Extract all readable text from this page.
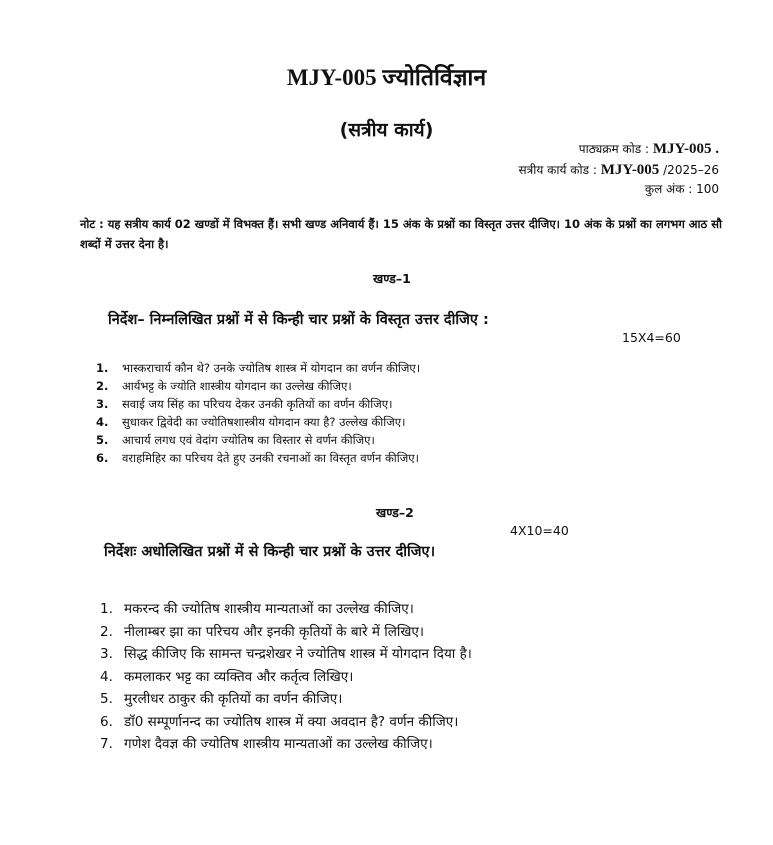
MJY-005 ज्योतिर्विज्ञान
(सत्रीय कार्य)
पाठ्यक्रम कोड : MJY-005 .
सत्रीय कार्य कोड : MJY-005 /2025–26
कुल अंक : 100
नोट : यह सत्रीय कार्य 02 खण्डों में विभक्त हैं। सभी खण्ड अनिवार्य हैं। 15 अंक के प्रश्नों का विस्तृत उत्तर दीजिए। 10 अंक के प्रश्नों का लगभग आठ सौ शब्दों में उत्तर देना है।
खण्ड–1
निर्देश– निम्नलिखित प्रश्नों में से किन्ही चार प्रश्नों के विस्तृत उत्तर दीजिए :
15X4=60
1. भास्कराचार्य कौन थे? उनके ज्योतिष शास्त्र में योगदान का वर्णन कीजिए।
2. आर्यभट्ट के ज्योति शास्त्रीय योगदान का उल्लेख कीजिए।
3. सवाई जय सिंह का परिचय देकर उनकी कृतियों का वर्णन कीजिए।
4. सुधाकर द्विवेदी का ज्योतिषशास्त्रीय योगदान क्या है? उल्लेख कीजिए।
5. आचार्य लगध एवं वेदांग ज्योतिष का विस्तार से वर्णन कीजिए।
6. वराहमिहिर का परिचय देते हुए उनकी रचनाओं का विस्तृत वर्णन कीजिए।
खण्ड–2
4X10=40
निर्देशः अधोलिखित प्रश्नों में से किन्ही चार प्रश्नों के उत्तर दीजिए।
1. मकरन्द की ज्योतिष शास्त्रीय मान्यताओं का उल्लेख कीजिए।
2. नीलाम्बर झा का परिचय और इनकी कृतियों के बारे में लिखिए।
3. सिद्ध कीजिए कि सामन्त चन्द्रशेखर ने ज्योतिष शास्त्र में योगदान दिया है।
4. कमलाकर भट्ट का व्यक्तिव और कर्तृत्व लिखिए।
5. मुरलीधर ठाकुर की कृतियों का वर्णन कीजिए।
6. डॉ0 सम्पूर्णानन्द का ज्योतिष शास्त्र में क्या अवदान है? वर्णन कीजिए।
7. गणेश दैवज्ञ की ज्योतिष शास्त्रीय मान्यताओं का उल्लेख कीजिए।
